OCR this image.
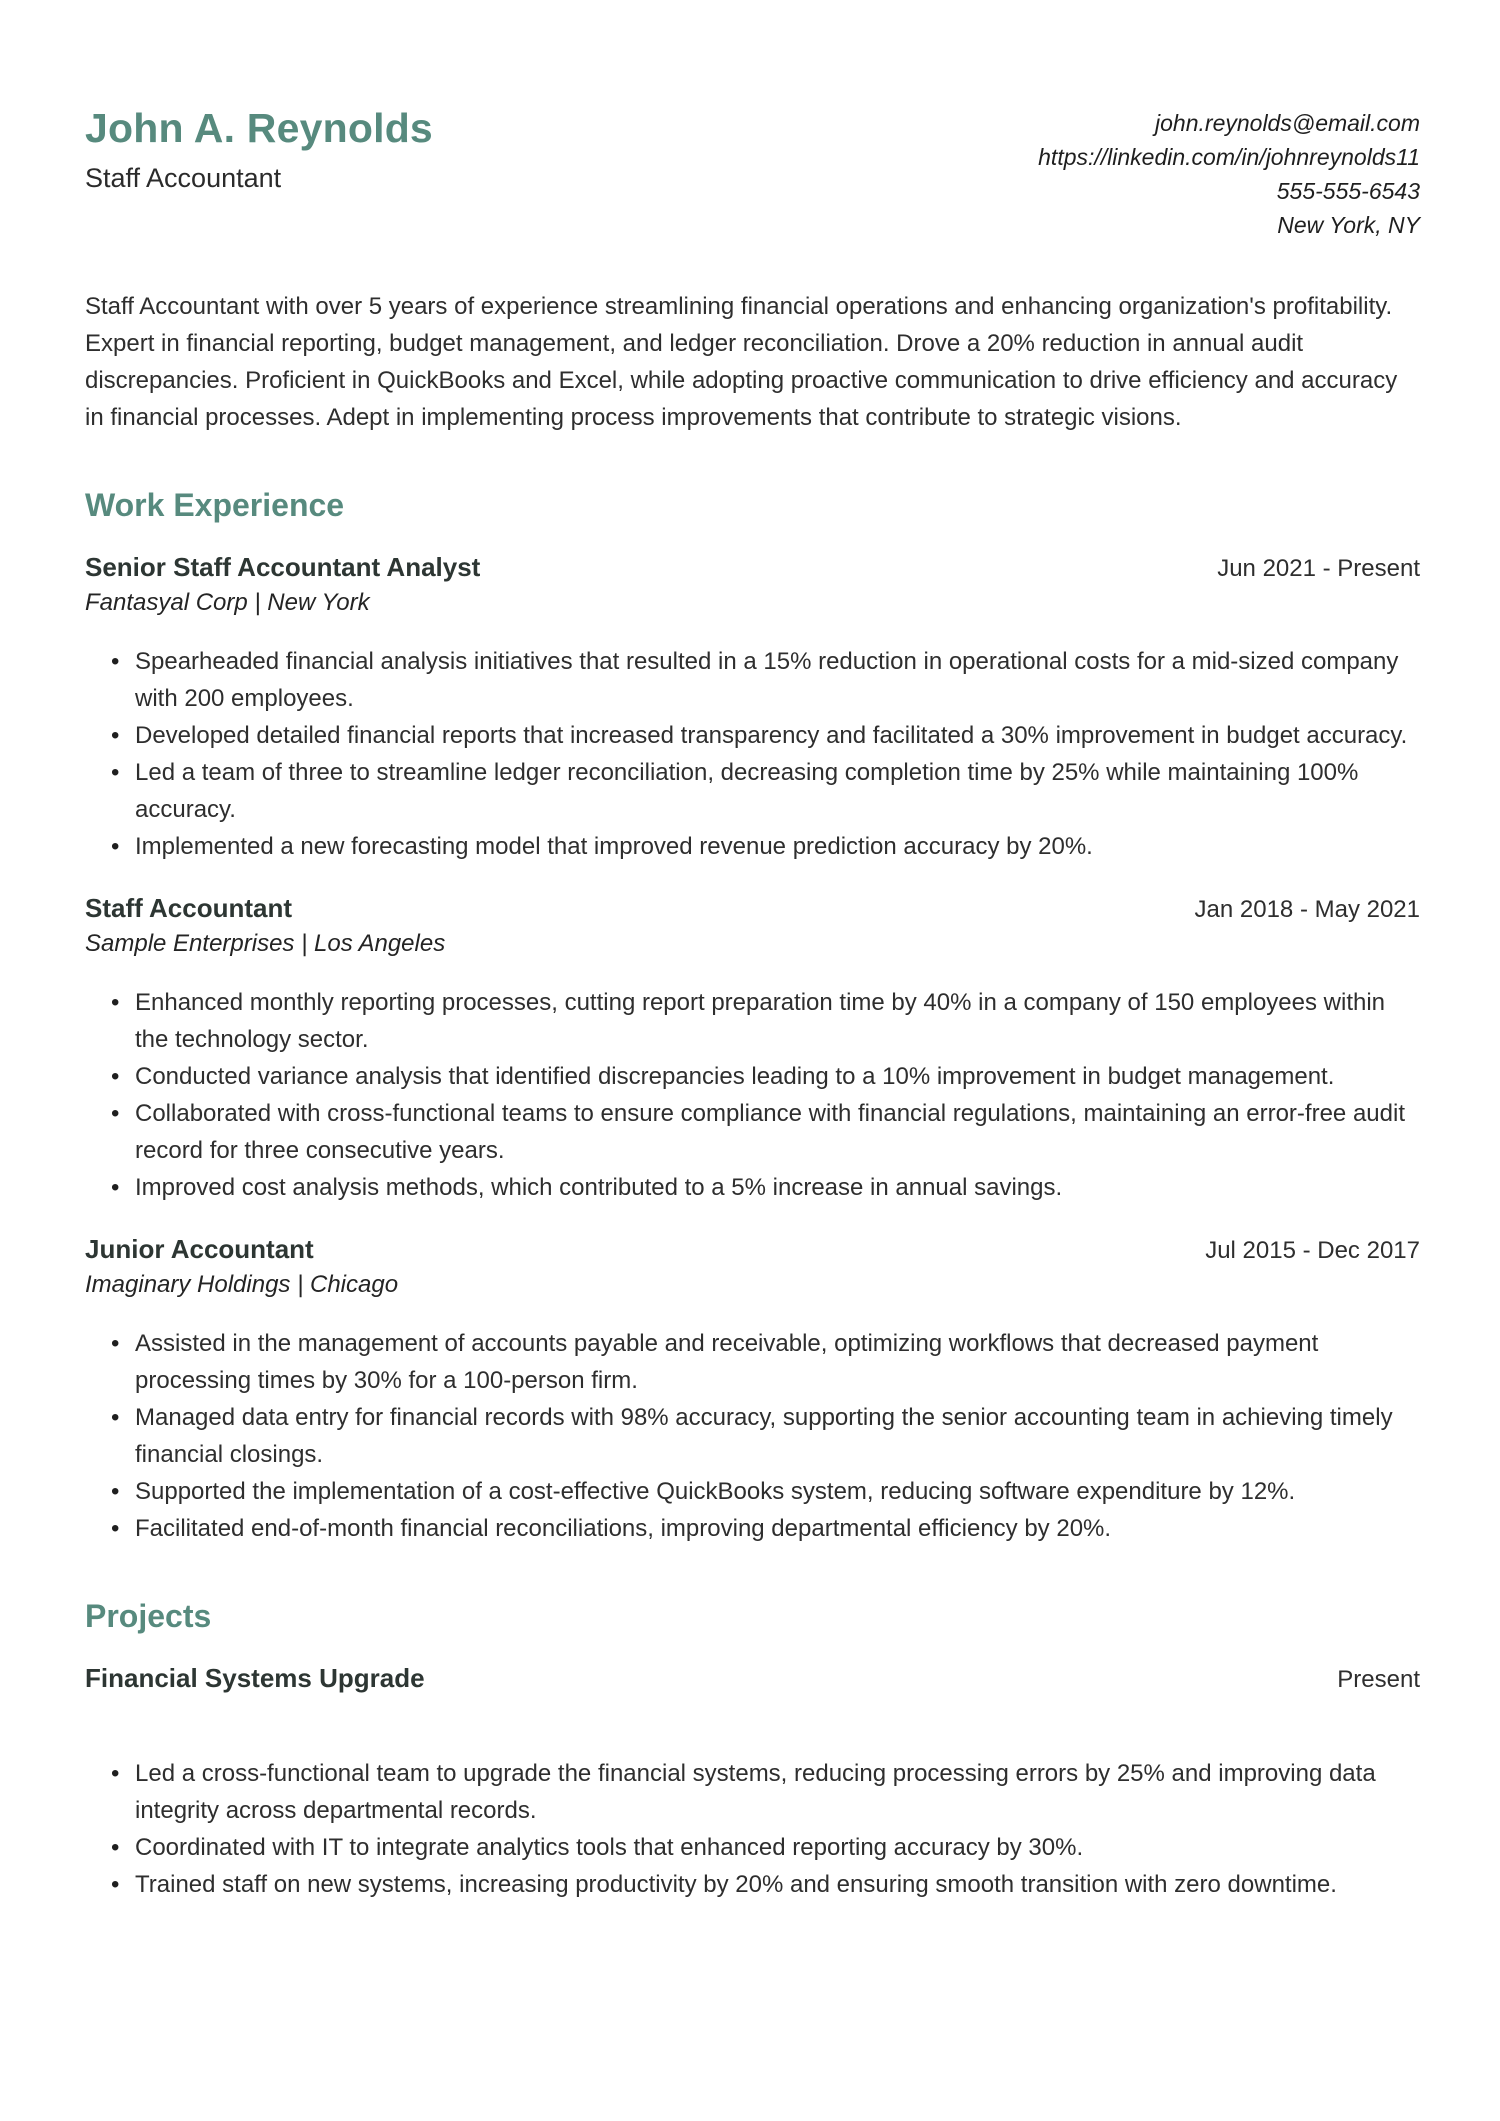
John A. Reynolds
Staff Accountant
john.reynolds@email.com
https://linkedin.com/in/johnreynolds11
555-555-6543
New York, NY

Staff Accountant with over 5 years of experience streamlining financial operations and enhancing organization's profitability. Expert in financial reporting, budget management, and ledger reconciliation. Drove a 20% reduction in annual audit discrepancies. Proficient in QuickBooks and Excel, while adopting proactive communication to drive efficiency and accuracy in financial processes. Adept in implementing process improvements that contribute to strategic visions.

Work Experience
Senior Staff Accountant Analyst	Jun 2021 - Present
Fantasyal Corp | New York
• Spearheaded financial analysis initiatives that resulted in a 15% reduction in operational costs for a mid-sized company with 200 employees.
• Developed detailed financial reports that increased transparency and facilitated a 30% improvement in budget accuracy.
• Led a team of three to streamline ledger reconciliation, decreasing completion time by 25% while maintaining 100% accuracy.
• Implemented a new forecasting model that improved revenue prediction accuracy by 20%.
Staff Accountant	Jan 2018 - May 2021
Sample Enterprises | Los Angeles
• Enhanced monthly reporting processes, cutting report preparation time by 40% in a company of 150 employees within the technology sector.
• Conducted variance analysis that identified discrepancies leading to a 10% improvement in budget management.
• Collaborated with cross-functional teams to ensure compliance with financial regulations, maintaining an error-free audit record for three consecutive years.
• Improved cost analysis methods, which contributed to a 5% increase in annual savings.
Junior Accountant	Jul 2015 - Dec 2017
Imaginary Holdings | Chicago
• Assisted in the management of accounts payable and receivable, optimizing workflows that decreased payment processing times by 30% for a 100-person firm.
• Managed data entry for financial records with 98% accuracy, supporting the senior accounting team in achieving timely financial closings.
• Supported the implementation of a cost-effective QuickBooks system, reducing software expenditure by 12%.
• Facilitated end-of-month financial reconciliations, improving departmental efficiency by 20%.
Projects
Financial Systems Upgrade	Present
• Led a cross-functional team to upgrade the financial systems, reducing processing errors by 25% and improving data integrity across departmental records.
• Coordinated with IT to integrate analytics tools that enhanced reporting accuracy by 30%.
• Trained staff on new systems, increasing productivity by 20% and ensuring smooth transition with zero downtime.
